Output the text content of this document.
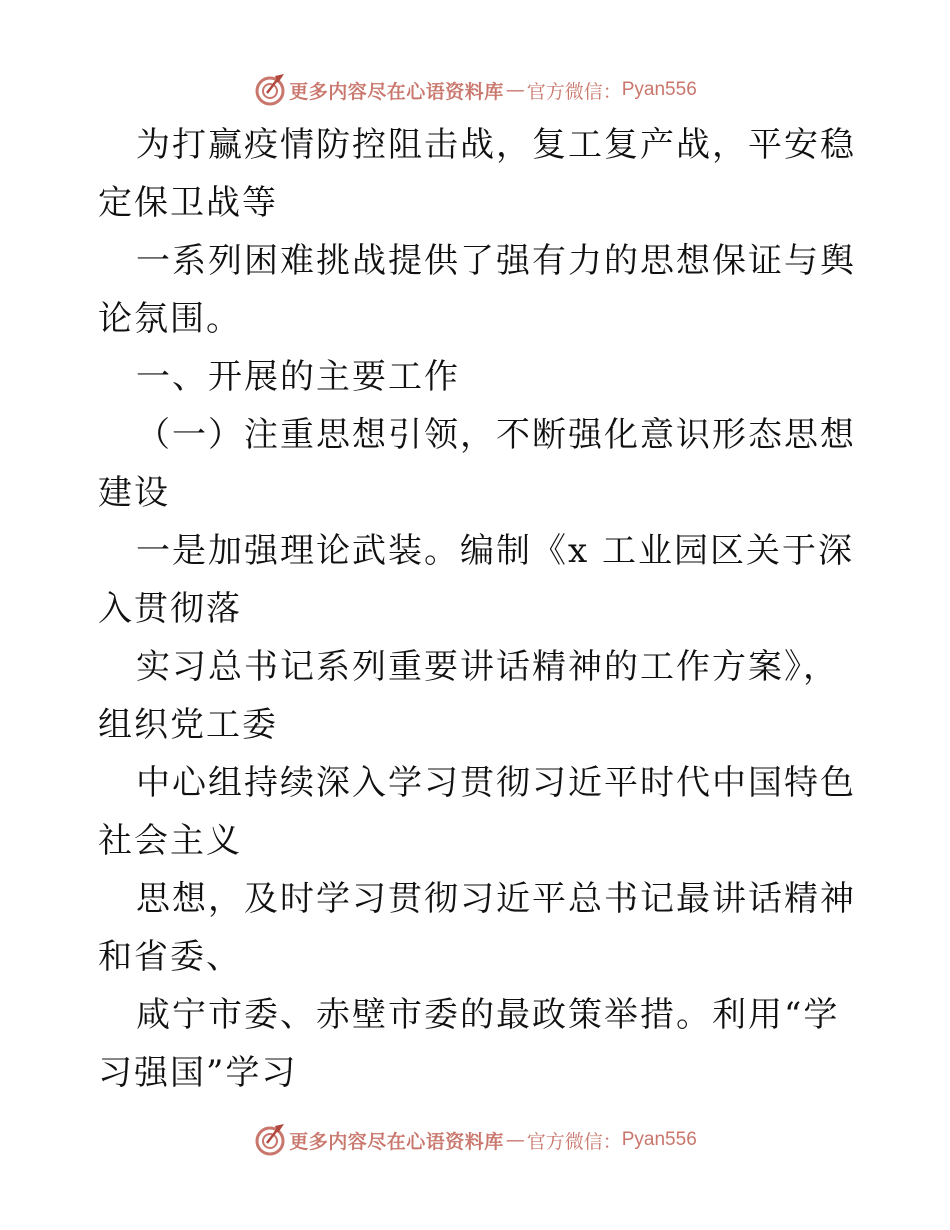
更多内容尽在心语资料库 — 官方微信： Pyan556

为打赢疫情防控阻击战，复工复产战，平安稳定保卫战等

一系列困难挑战提供了强有力的思想保证与舆论氛围。

一、开展的主要工作

（一）注重思想引领，不断强化意识形态思想建设

一是加强理论武装。编制《x 工业园区关于深入贯彻落

实习总书记系列重要讲话精神的工作方案》，组织党工委

中心组持续深入学习贯彻习近平时代中国特色社会主义

思想，及时学习贯彻习近平总书记最讲话精神和省委、

咸宁市委、赤壁市委的最政策举措。利用“学习强国”学习

更多内容尽在心语资料库 — 官方微信： Pyan556
